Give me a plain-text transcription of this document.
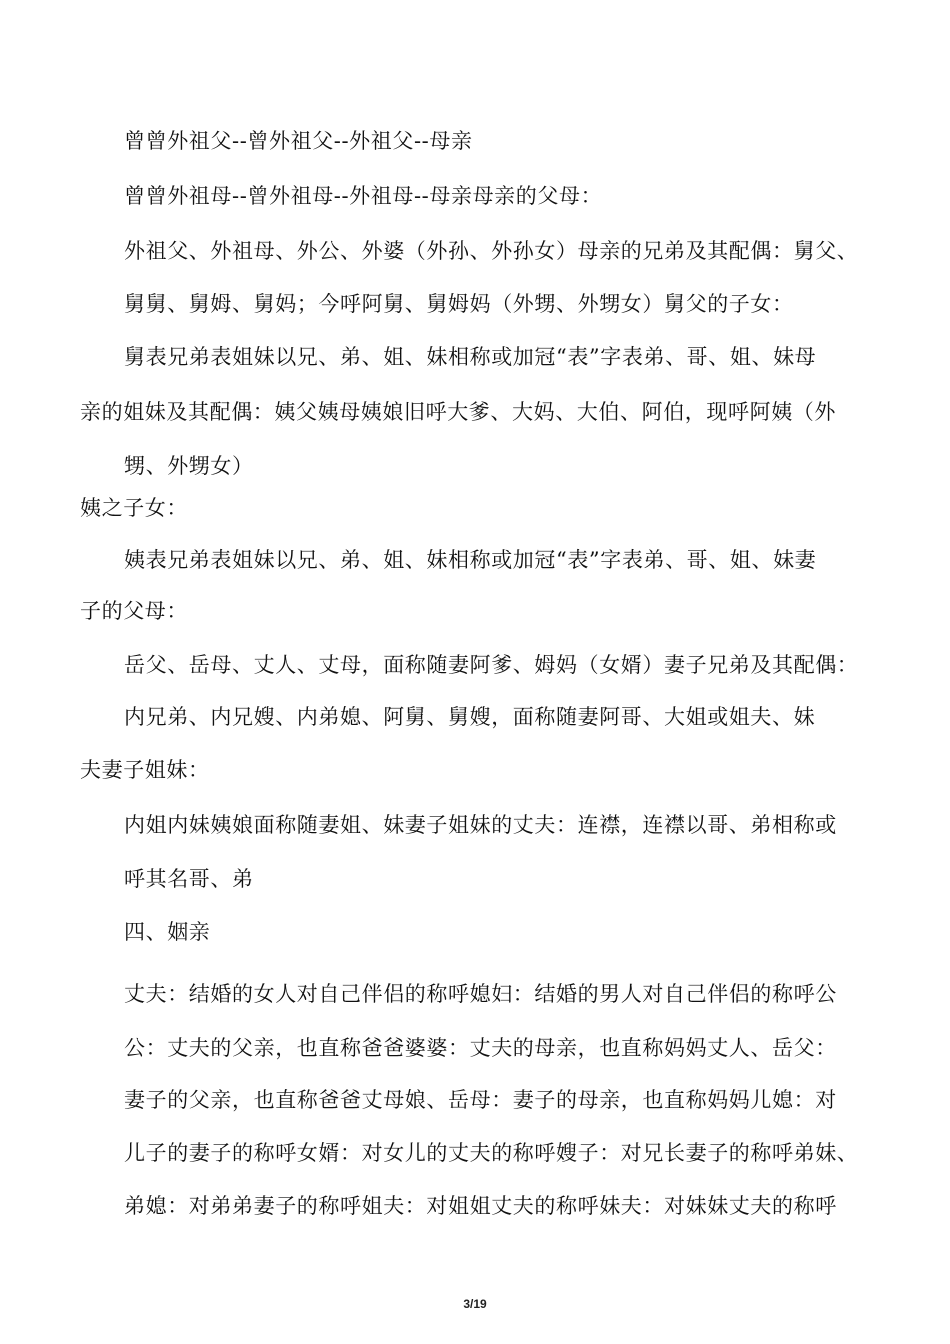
曾曾外祖父--曾外祖父--外祖父--母亲

曾曾外祖母--曾外祖母--外祖母--母亲母亲的父母：

外祖父、外祖母、外公、外婆（外孙、外孙女）母亲的兄弟及其配偶：舅父、

舅舅、舅姆、舅妈；今呼阿舅、舅姆妈（外甥、外甥女）舅父的子女：

舅表兄弟表姐妹以兄、弟、姐、妹相称或加冠“表”字表弟、哥、姐、妹母

亲的姐妹及其配偶：姨父姨母姨娘旧呼大爹、大妈、大伯、阿伯，现呼阿姨（外

甥、外甥女）

姨之子女：

姨表兄弟表姐妹以兄、弟、姐、妹相称或加冠“表”字表弟、哥、姐、妹妻

子的父母：

岳父、岳母、丈人、丈母，面称随妻阿爹、姆妈（女婿）妻子兄弟及其配偶：

内兄弟、内兄嫂、内弟媳、阿舅、舅嫂，面称随妻阿哥、大姐或姐夫、妹

夫妻子姐妹：

内姐内妹姨娘面称随妻姐、妹妻子姐妹的丈夫：连襟，连襟以哥、弟相称或

呼其名哥、弟

四、姻亲

丈夫：结婚的女人对自己伴侣的称呼媳妇：结婚的男人对自己伴侣的称呼公

公：丈夫的父亲，也直称爸爸婆婆：丈夫的母亲，也直称妈妈丈人、岳父：

妻子的父亲，也直称爸爸丈母娘、岳母：妻子的母亲，也直称妈妈儿媳：对

儿子的妻子的称呼女婿：对女儿的丈夫的称呼嫂子：对兄长妻子的称呼弟妹、

弟媳：对弟弟妻子的称呼姐夫：对姐姐丈夫的称呼妹夫：对妹妹丈夫的称呼

3/19
